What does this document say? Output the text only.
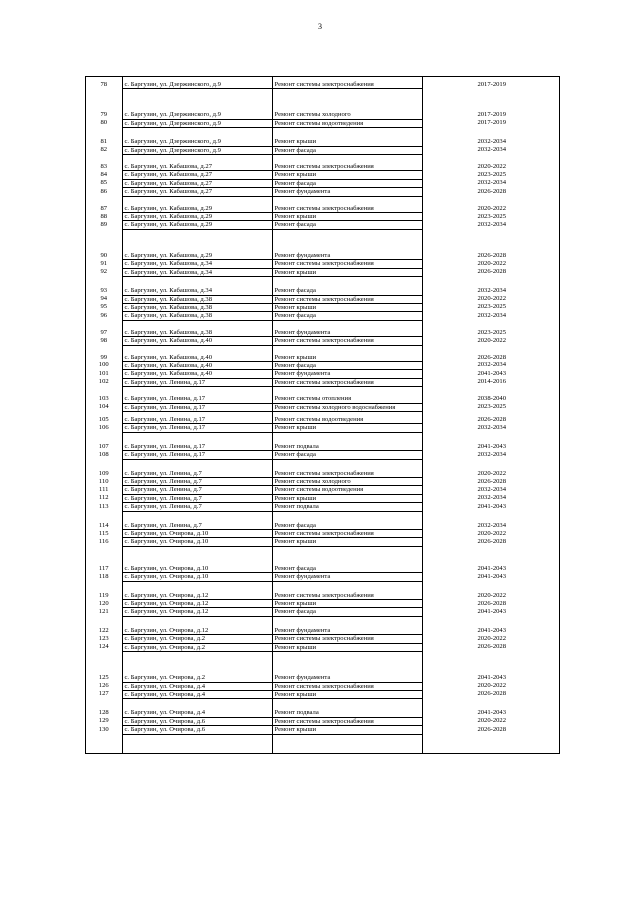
3

78	с. Баргузин, ул. Дзержинского, д.9	Ремонт системы электроснабжения	2017-2019

79	с. Баргузин, ул. Дзержинского, д.9	Ремонт системы холодного	2017-2019
80	с. Баргузин, ул. Дзержинского, д.9	Ремонт системы водоотведения	2017-2019

81	с. Баргузин, ул. Дзержинского, д.9	Ремонт крыши	2032-2034
82	с. Баргузин, ул. Дзержинского, д.9	Ремонт фасада	2032-2034

83	с. Баргузин, ул. Кабашова, д.27	Ремонт системы электроснабжения	2020-2022
84	с. Баргузин, ул. Кабашова, д.27	Ремонт крыши	2023-2025
85	с. Баргузин, ул. Кабашова, д.27	Ремонт фасада	2032-2034
86	с. Баргузин, ул. Кабашова, д.27	Ремонт фундамента	2026-2028

87	с. Баргузин, ул. Кабашова, д.29	Ремонт системы электроснабжения	2020-2022
88	с. Баргузин, ул. Кабашова, д.29	Ремонт крыши	2023-2025
89	с. Баргузин, ул. Кабашова, д.29	Ремонт фасада	2032-2034

90	с. Баргузин, ул. Кабашова, д.29	Ремонт фундамента	2026-2028
91	с. Баргузин, ул. Кабашова, д.34	Ремонт системы электроснабжения	2020-2022
92	с. Баргузин, ул. Кабашова, д.34	Ремонт крыши	2026-2028

93	с. Баргузин, ул. Кабашова, д.34	Ремонт фасада	2032-2034
94	с. Баргузин, ул. Кабашова, д.38	Ремонт системы электроснабжения	2020-2022
95	с. Баргузин, ул. Кабашова, д.38	Ремонт крыши	2023-2025
96	с. Баргузин, ул. Кабашова, д.38	Ремонт фасада	2032-2034

97	с. Баргузин, ул. Кабашова, д.38	Ремонт фундамента	2023-2025
98	с. Баргузин, ул. Кабашова, д.40	Ремонт системы электроснабжения	2020-2022

99	с. Баргузин, ул. Кабашова, д.40	Ремонт крыши	2026-2028
100	с. Баргузин, ул. Кабашова, д.40	Ремонт фасада	2032-2034
101	с. Баргузин, ул. Кабашова, д.40	Ремонт фундамента	2041-2043
102	с. Баргузин, ул. Ленина, д.17	Ремонт системы электроснабжения	2014-2016

103	с. Баргузин, ул. Ленина, д.17	Ремонт системы отопления	2038-2040
104	с. Баргузин, ул. Ленина, д.17	Ремонт системы холодного водоснабжения	2023-2025

105	с. Баргузин, ул. Ленина, д.17	Ремонт системы водоотведения	2026-2028
106	с. Баргузин, ул. Ленина, д.17	Ремонт крыши	2032-2034

107	с. Баргузин, ул. Ленина, д.17	Ремонт подвала	2041-2043
108	с. Баргузин, ул. Ленина, д.17	Ремонт фасада	2032-2034

109	с. Баргузин, ул. Ленина, д.7	Ремонт системы электроснабжения	2020-2022
110	с. Баргузин, ул. Ленина, д.7	Ремонт системы холодного	2026-2028
111	с. Баргузин, ул. Ленина, д.7	Ремонт системы водоотведения	2032-2034
112	с. Баргузин, ул. Ленина, д.7	Ремонт крыши	2032-2034
113	с. Баргузин, ул. Ленина, д.7	Ремонт подвала	2041-2043

114	с. Баргузин, ул. Ленина, д.7	Ремонт фасада	2032-2034
115	с. Баргузин, ул. Очирова, д.10	Ремонт системы электроснабжения	2020-2022
116	с. Баргузин, ул. Очирова, д.10	Ремонт крыши	2026-2028

117	с. Баргузин, ул. Очирова, д.10	Ремонт фасада	2041-2043
118	с. Баргузин, ул. Очирова, д.10	Ремонт фундамента	2041-2043

119	с. Баргузин, ул. Очирова, д.12	Ремонт системы электроснабжения	2020-2022
120	с. Баргузин, ул. Очирова, д.12	Ремонт крыши	2026-2028
121	с. Баргузин, ул. Очирова, д.12	Ремонт фасада	2041-2043

122	с. Баргузин, ул. Очирова, д.12	Ремонт фундамента	2041-2043
123	с. Баргузин, ул. Очирова, д.2	Ремонт системы электроснабжения	2020-2022
124	с. Баргузин, ул. Очирова, д.2	Ремонт крыши	2026-2028

125	с. Баргузин, ул. Очирова, д.2	Ремонт фундамента	2041-2043
126	с. Баргузин, ул. Очирова, д.4	Ремонт системы электроснабжения	2020-2022
127	с. Баргузин, ул. Очирова, д.4	Ремонт крыши	2026-2028

128	с. Баргузин, ул. Очирова, д.4	Ремонт подвала	2041-2043
129	с. Баргузин, ул. Очирова, д.6	Ремонт системы электроснабжения	2020-2022
130	с. Баргузин, ул. Очирова, д.6	Ремонт крыши	2026-2028
